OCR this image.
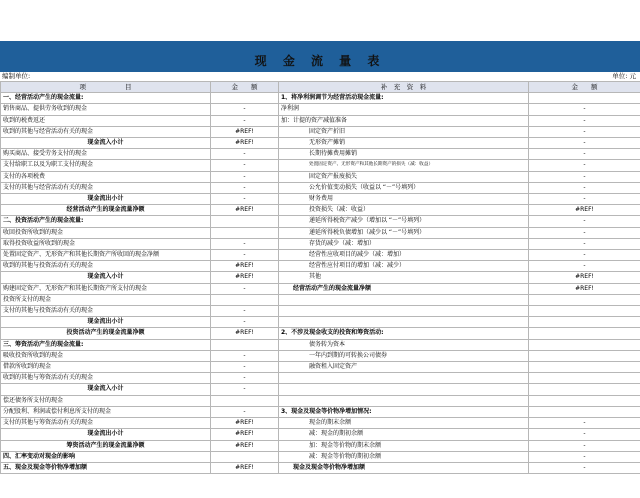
现 金 流 量 表
编制单位:	单位: 元
项　　　　　　目	金　　额	补　充　资　料	金　　额
一、经营活动产生的现金流量:		1、将净利润调节为经营活动现金流量:	
销售商品、提供劳务收到的现金	-	净利润	-
收到的税费返还	-	加：计提的资产减值准备	-
收到的其他与经营活动有关的现金	#REF!	固定资产折旧	-
现金流入小计	#REF!	无形资产摊销	-
购买商品、接受劳务支付的现金	-	长期待摊费用摊销	-
支付给职工以及为职工支付的现金	-	处置固定资产、无形资产和其他长期资产的损失（减：收益）	-
支付的各项税费	-	固定资产报废损失	-
支付的其他与经营活动有关的现金	-	公允价值变动损失（收益以 “－”号填列）	-
现金流出小计	-	财务费用	-
经营活动产生的现金流量净额	#REF!	投资损失（减：收益）	#REF!
二、投资活动产生的现金流量:		递延所得税资产减少（增加以 “－”号填列）	-
收回投资所收到的现金		递延所得税负债增加（减少以 “－”号填列）	-
取得投资收益所收到的现金	-	存货的减少（减：增加）	-
处置固定资产、无形资产和其他长期资产所收回的现金净额	-	经营性应收项目的减少（减：增加）	-
收到的其他与投资活动有关的现金	#REF!	经营性应付项目的增加（减：减少）	-
现金流入小计	#REF!	其他	#REF!
购建固定资产、无形资产和其他长期资产所支付的现金	-	经营活动产生的现金流量净额	#REF!
投资所支付的现金			
支付的其他与投资活动有关的现金	-		
现金流出小计	-		
投资活动产生的现金流量净额	#REF!	2、不涉及现金收支的投资和筹资活动:	
三、筹资活动产生的现金流量:		债务转为资本	
吸收投资所收到的现金	-	一年内到期的可转换公司债券	
借款所收到的现金	-	融资租入固定资产	
收到的其他与筹资活动有关的现金	-		
现金流入小计	-		
偿还债务所支付的现金			
分配股利、利润或偿付利息所支付的现金	-	3、现金及现金等价物净增加情况:	
支付的其他与筹资活动有关的现金	#REF!	现金的期末余额	-
现金流出小计	#REF!	减：现金的期初余额	-
筹资活动产生的现金流量净额	#REF!	加：现金等价物的期末余额	-
四、汇率变动对现金的影响		减：现金等价物的期初余额	-
五、现金及现金等价物净增加额	#REF!	现金及现金等价物净增加额	-
